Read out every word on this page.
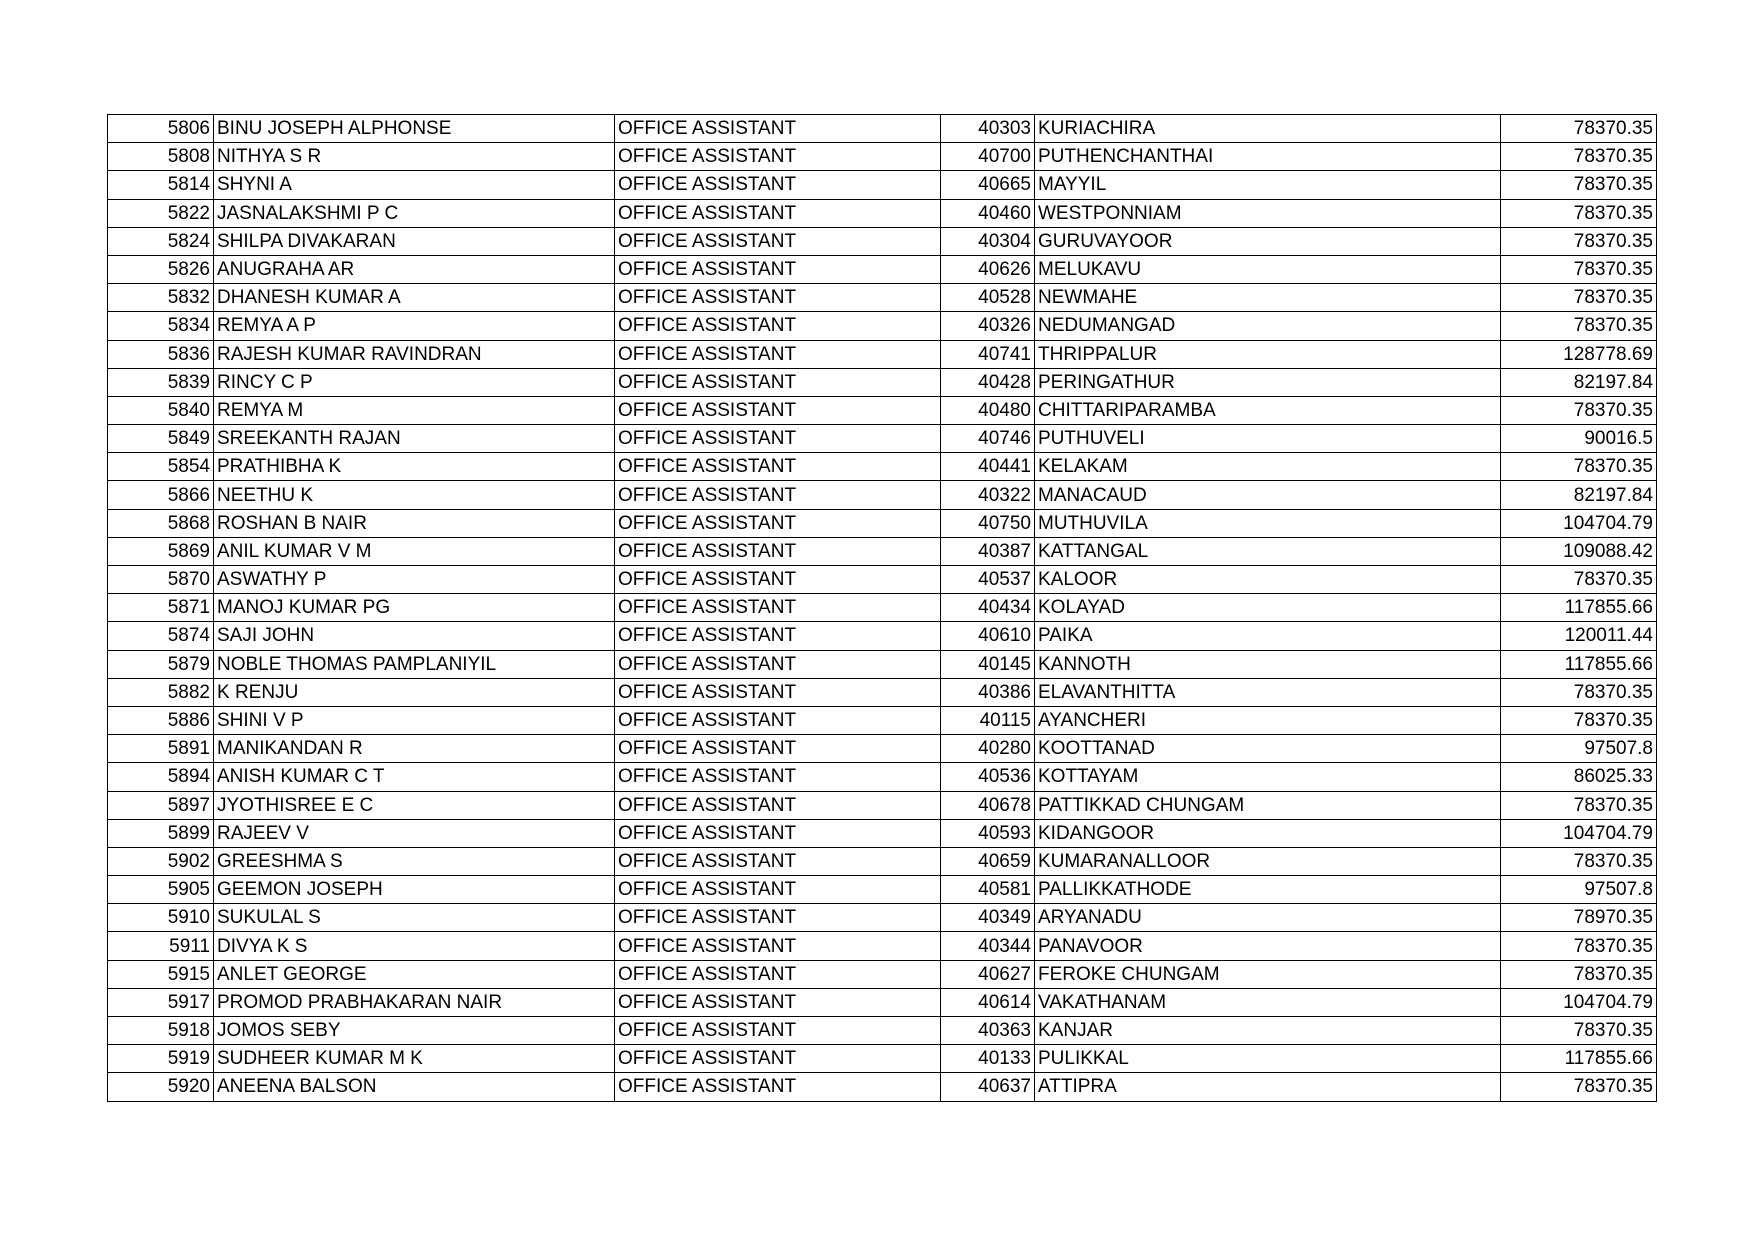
5806	BINU JOSEPH ALPHONSE	OFFICE ASSISTANT	40303	KURIACHIRA	78370.35
5808	NITHYA S R	OFFICE ASSISTANT	40700	PUTHENCHANTHAI	78370.35
5814	SHYNI A	OFFICE ASSISTANT	40665	MAYYIL	78370.35
5822	JASNALAKSHMI P C	OFFICE ASSISTANT	40460	WESTPONNIAM	78370.35
5824	SHILPA DIVAKARAN	OFFICE ASSISTANT	40304	GURUVAYOOR	78370.35
5826	ANUGRAHA AR	OFFICE ASSISTANT	40626	MELUKAVU	78370.35
5832	DHANESH KUMAR A	OFFICE ASSISTANT	40528	NEWMAHE	78370.35
5834	REMYA A P	OFFICE ASSISTANT	40326	NEDUMANGAD	78370.35
5836	RAJESH KUMAR RAVINDRAN	OFFICE ASSISTANT	40741	THRIPPALUR	128778.69
5839	RINCY C P	OFFICE ASSISTANT	40428	PERINGATHUR	82197.84
5840	REMYA M	OFFICE ASSISTANT	40480	CHITTARIPARAMBA	78370.35
5849	SREEKANTH RAJAN	OFFICE ASSISTANT	40746	PUTHUVELI	90016.5
5854	PRATHIBHA K	OFFICE ASSISTANT	40441	KELAKAM	78370.35
5866	NEETHU K	OFFICE ASSISTANT	40322	MANACAUD	82197.84
5868	ROSHAN B NAIR	OFFICE ASSISTANT	40750	MUTHUVILA	104704.79
5869	ANIL KUMAR V M	OFFICE ASSISTANT	40387	KATTANGAL	109088.42
5870	ASWATHY P	OFFICE ASSISTANT	40537	KALOOR	78370.35
5871	MANOJ KUMAR PG	OFFICE ASSISTANT	40434	KOLAYAD	117855.66
5874	SAJI JOHN	OFFICE ASSISTANT	40610	PAIKA	120011.44
5879	NOBLE THOMAS PAMPLANIYIL	OFFICE ASSISTANT	40145	KANNOTH	117855.66
5882	K RENJU	OFFICE ASSISTANT	40386	ELAVANTHITTA	78370.35
5886	SHINI V P	OFFICE ASSISTANT	40115	AYANCHERI	78370.35
5891	MANIKANDAN R	OFFICE ASSISTANT	40280	KOOTTANAD	97507.8
5894	ANISH KUMAR C T	OFFICE ASSISTANT	40536	KOTTAYAM	86025.33
5897	JYOTHISREE E C	OFFICE ASSISTANT	40678	PATTIKKAD CHUNGAM	78370.35
5899	RAJEEV V	OFFICE ASSISTANT	40593	KIDANGOOR	104704.79
5902	GREESHMA S	OFFICE ASSISTANT	40659	KUMARANALLOOR	78370.35
5905	GEEMON JOSEPH	OFFICE ASSISTANT	40581	PALLIKKATHODE	97507.8
5910	SUKULAL S	OFFICE ASSISTANT	40349	ARYANADU	78970.35
5911	DIVYA K S	OFFICE ASSISTANT	40344	PANAVOOR	78370.35
5915	ANLET GEORGE	OFFICE ASSISTANT	40627	FEROKE CHUNGAM	78370.35
5917	PROMOD PRABHAKARAN NAIR	OFFICE ASSISTANT	40614	VAKATHANAM	104704.79
5918	JOMOS SEBY	OFFICE ASSISTANT	40363	KANJAR	78370.35
5919	SUDHEER KUMAR M K	OFFICE ASSISTANT	40133	PULIKKAL	117855.66
5920	ANEENA BALSON	OFFICE ASSISTANT	40637	ATTIPRA	78370.35
